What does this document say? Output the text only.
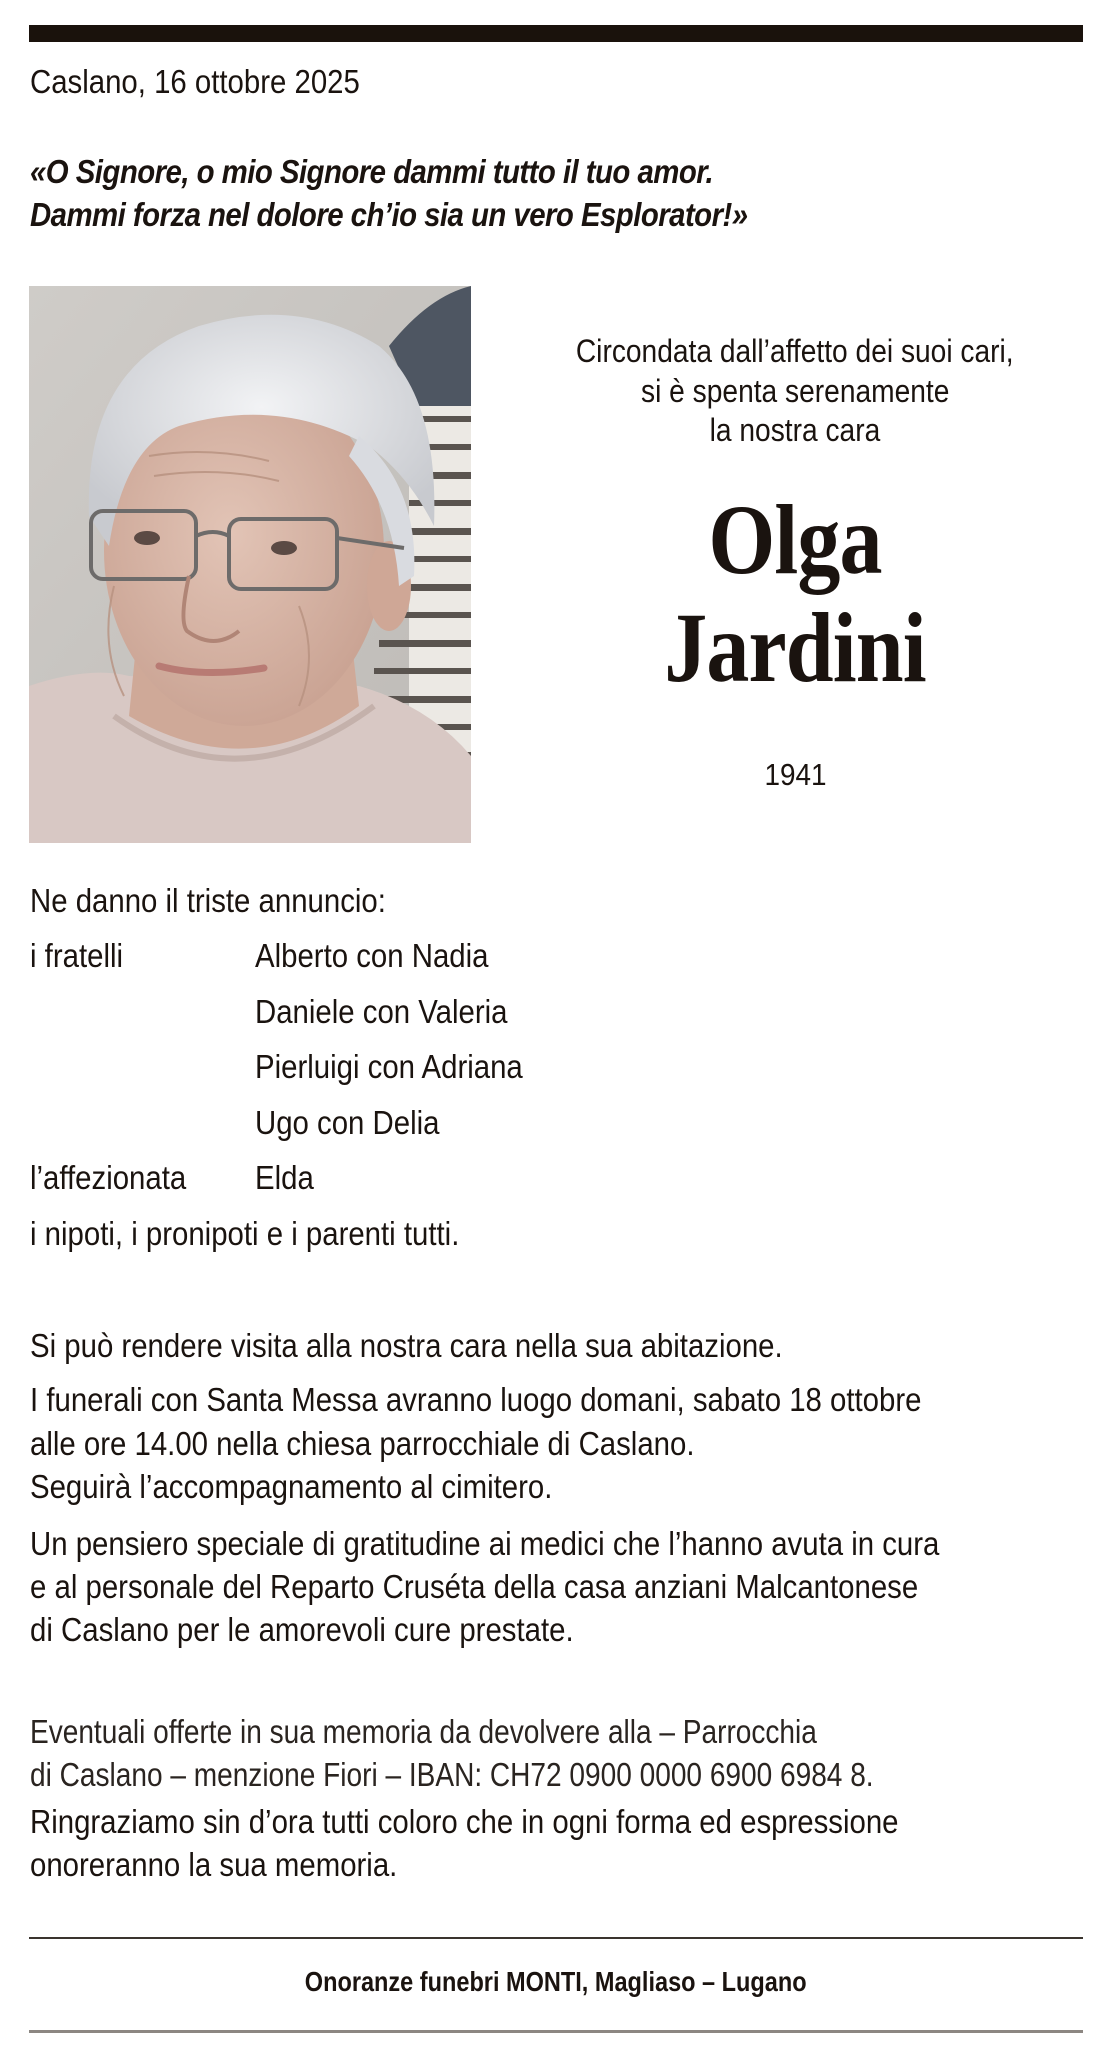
Caslano, 16 ottobre 2025
«O Signore, o mio Signore dammi tutto il tuo amor.
Dammi forza nel dolore ch’io sia un vero Esplorator!»
Circondata dall’affetto dei suoi cari,
si è spenta serenamente
la nostra cara
Olga
Jardini
1941
Ne danno il triste annuncio:
i fratelli	Alberto con Nadia
Daniele con Valeria
Pierluigi con Adriana
Ugo con Delia
l’affezionata Elda
i nipoti, i pronipoti e i parenti tutti.
Si può rendere visita alla nostra cara nella sua abitazione.
I funerali con Santa Messa avranno luogo domani, sabato 18 ottobre
alle ore 14.00 nella chiesa parrocchiale di Caslano.
Seguirà l’accompagnamento al cimitero.
Un pensiero speciale di gratitudine ai medici che l’hanno avuta in cura
e al personale del Reparto Cruséta della casa anziani Malcantonese
di Caslano per le amorevoli cure prestate.
Eventuali offerte in sua memoria da devolvere alla – Parrocchia
di Caslano – menzione Fiori – IBAN: CH72 0900 0000 6900 6984 8.
Ringraziamo sin d’ora tutti coloro che in ogni forma ed espressione
onoreranno la sua memoria.
Onoranze funebri MONTI, Magliaso – Lugano
